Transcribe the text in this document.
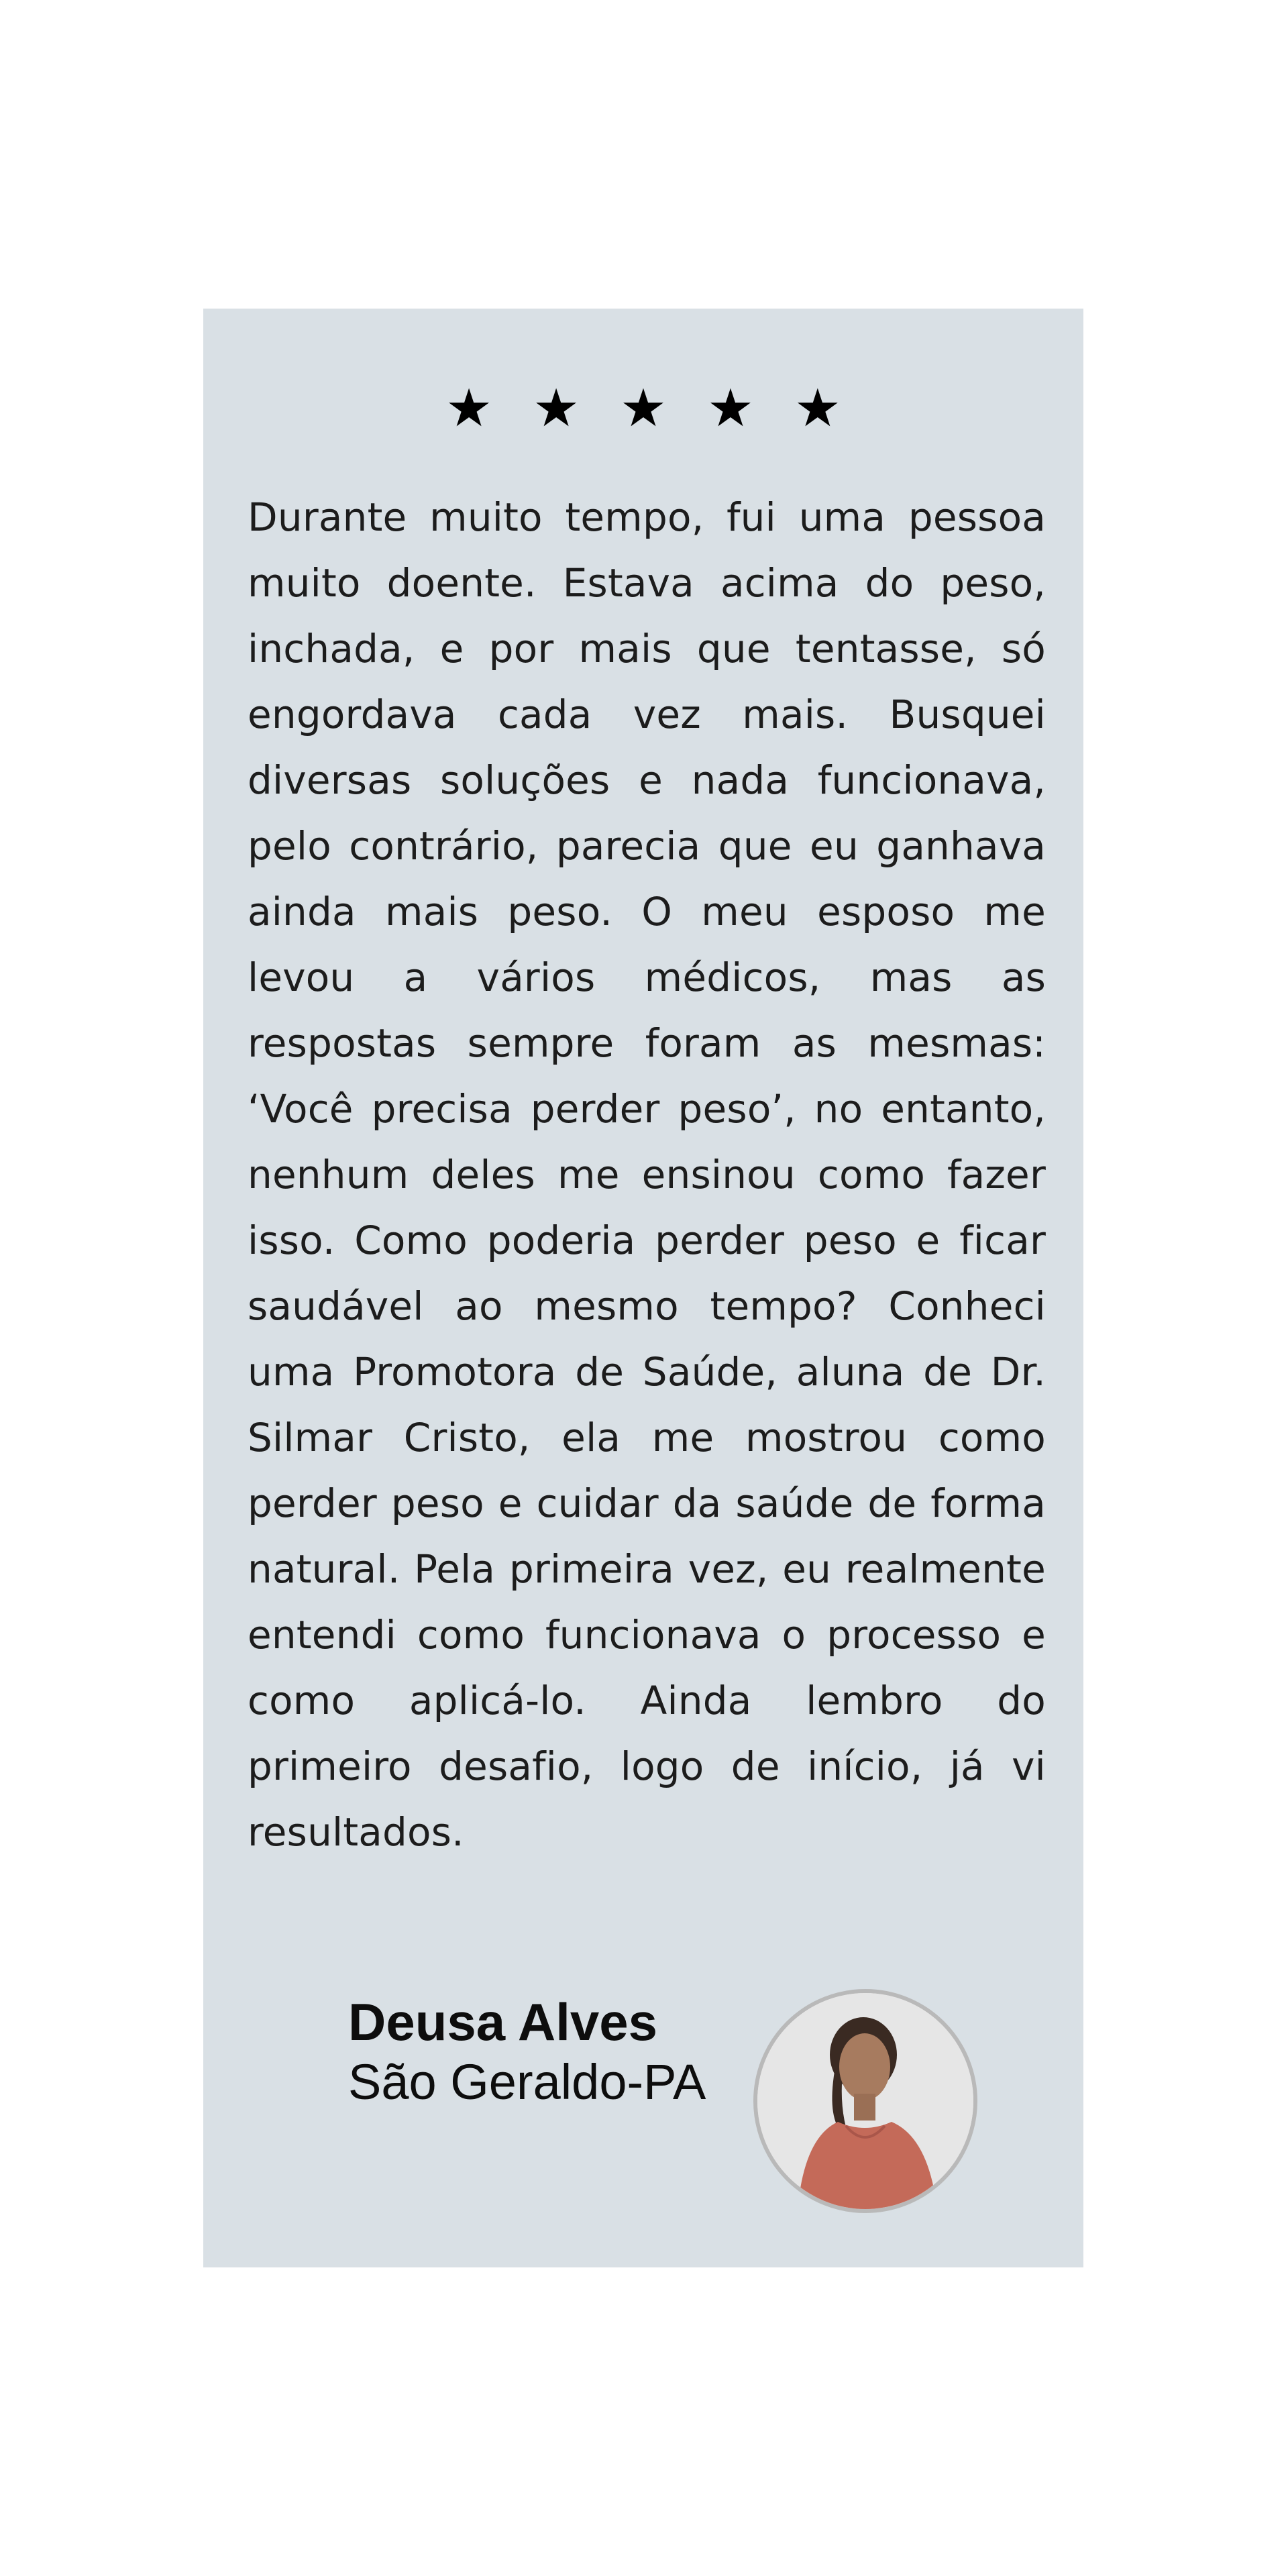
★ ★ ★ ★ ★

Durante muito tempo, fui uma pessoa muito doente. Estava acima do peso, inchada, e por mais que tentasse, só engordava cada vez mais. Busquei diversas soluções e nada funcionava, pelo contrário, parecia que eu ganhava ainda mais peso. O meu esposo me levou a vários médicos, mas as respostas sempre foram as mesmas: ‘Você precisa perder peso’, no entanto, nenhum deles me ensinou como fazer isso. Como poderia perder peso e ficar saudável ao mesmo tempo? Conheci uma Promotora de Saúde, aluna de Dr. Silmar Cristo, ela me mostrou como perder peso e cuidar da saúde de forma natural. Pela primeira vez, eu realmente entendi como funcionava o processo e como aplicá-lo. Ainda lembro do primeiro desafio, logo de início, já vi resultados.

Deusa Alves
São Geraldo-PA
